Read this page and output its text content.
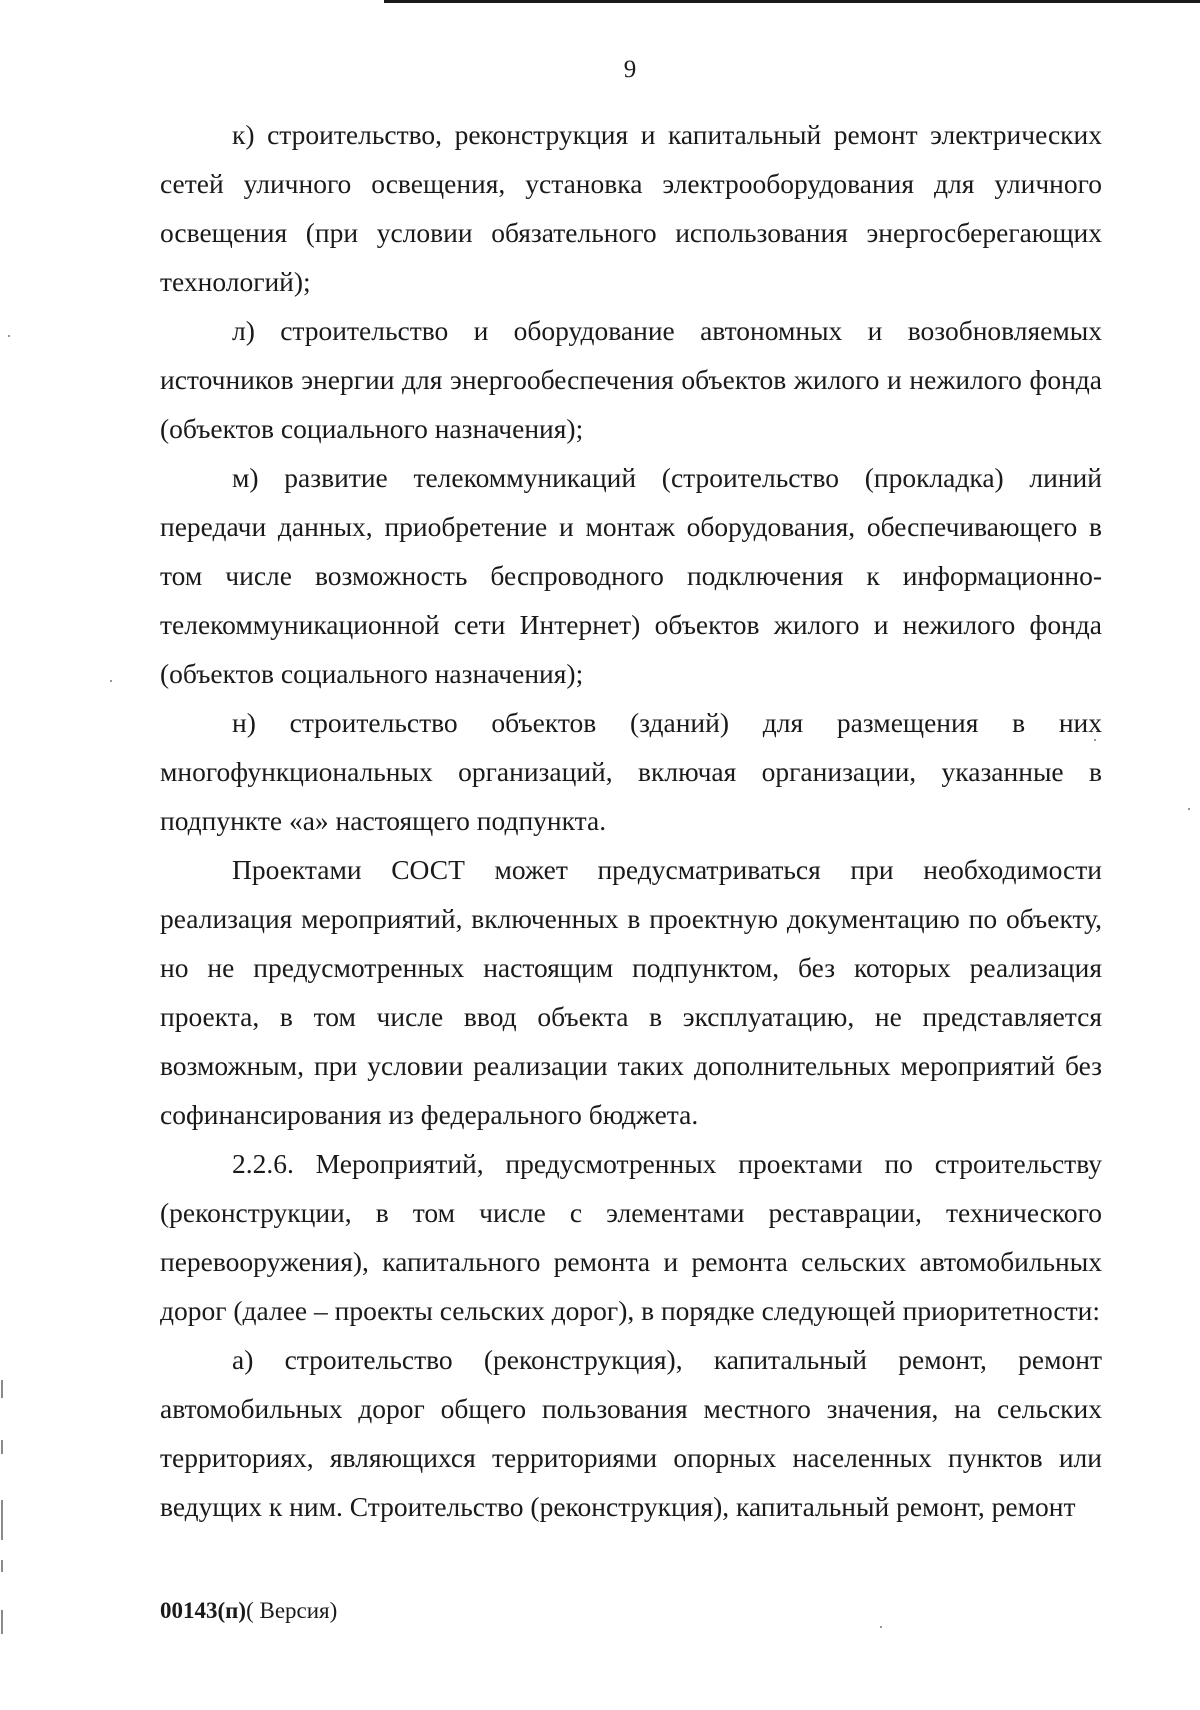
9

к) строительство, реконструкция и капитальный ремонт электрических сетей уличного освещения, установка электрооборудования для уличного освещения (при условии обязательного использования энергосберегающих технологий);

л) строительство и оборудование автономных и возобновляемых источников энергии для энергообеспечения объектов жилого и нежилого фонда (объектов социального назначения);

м) развитие телекоммуникаций (строительство (прокладка) линий передачи данных, приобретение и монтаж оборудования, обеспечивающего в том числе возможность беспроводного подключения к информационно-телекоммуникационной сети Интернет) объектов жилого и нежилого фонда (объектов социального назначения);

н) строительство объектов (зданий) для размещения в них многофункциональных организаций, включая организации, указанные в подпункте «а» настоящего подпункта.

Проектами СОСТ может предусматриваться при необходимости реализация мероприятий, включенных в проектную документацию по объекту, но не предусмотренных настоящим подпунктом, без которых реализация проекта, в том числе ввод объекта в эксплуатацию, не представляется возможным, при условии реализации таких дополнительных мероприятий без софинансирования из федерального бюджета.

2.2.6. Мероприятий, предусмотренных проектами по строительству (реконструкции, в том числе с элементами реставрации, технического перевооружения), капитального ремонта и ремонта сельских автомобильных дорог (далее – проекты сельских дорог), в порядке следующей приоритетности:

а) строительство (реконструкция), капитальный ремонт, ремонт автомобильных дорог общего пользования местного значения, на сельских территориях, являющихся территориями опорных населенных пунктов или ведущих к ним. Строительство (реконструкция), капитальный ремонт, ремонт

00143(п)( Версия)
